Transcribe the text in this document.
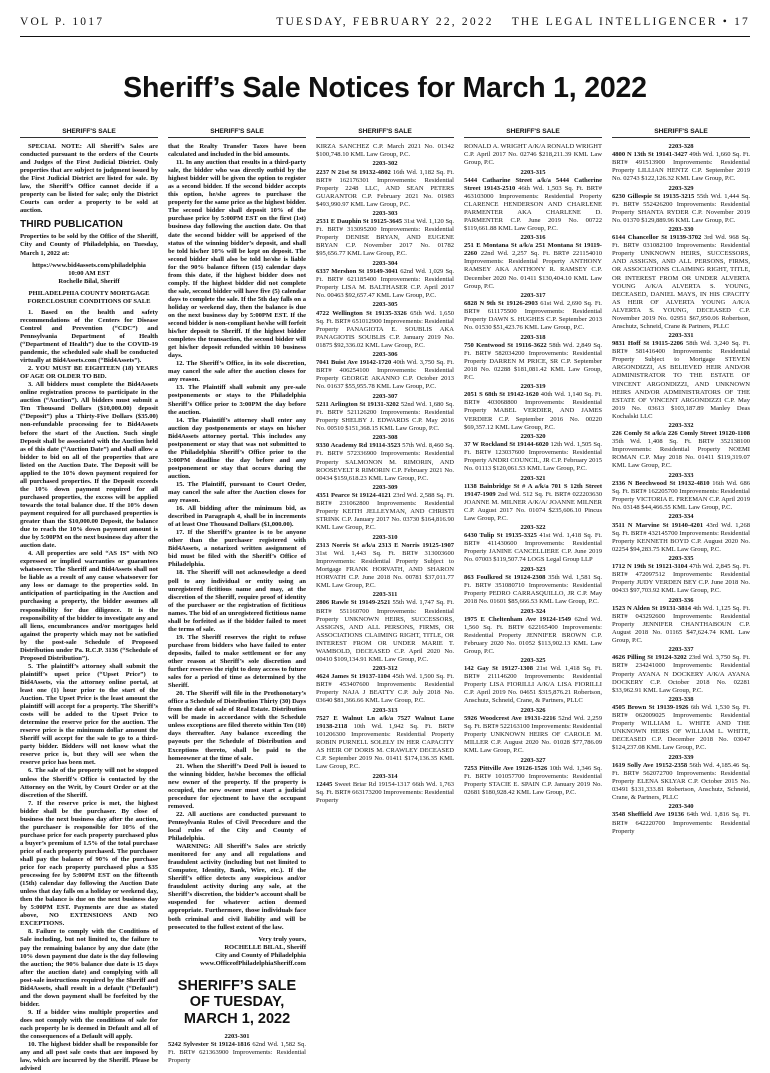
VOL P. 1017	TUESDAY, FEBRUARY 22, 2022	THE LEGAL INTELLIGENCER • 17
Sheriff’s Sale Notices for March 1, 2022
SHERIFF'S SALE	SHERIFF'S SALE	SHERIFF'S SALE	SHERIFF'S SALE	SHERIFF'S SALE

SPECIAL NOTE: All Sheriff’s Sales are conducted pursuant to the orders of the Courts and Judges of the First Judicial District. Only properties that are subject to judgment issued by the First Judicial District are listed for sale. By law, the Sheriff’s Office cannot decide if a property can be listed for sale; only the District Courts can order a property to be sold at auction.

THIRD PUBLICATION

Properties to be sold by the Office of the Sheriff, City and County of Philadelphia, on Tuesday, March 1, 2022 at:

https://www.bid4assets.com/philadelphia

10:00 AM EST

Rochelle Bilal, Sheriff

PHILADELPHIA COUNTY MORTGAGE FORECLOSURE CONDITIONS OF SALE

1. Based on the health and safety recommendations of the Centers for Disease Control and Prevention (“CDC”) and Pennsylvania Department of Health (“Department of Health”) due to the COVID-19 pandemic, the scheduled sale shall be conducted virtually at Bid4Assets.com (“Bid4Assets”).

2. YOU MUST BE EIGHTEEN (18) YEARS OF AGE OR OLDER TO BID.

3. All bidders must complete the Bid4Assets online registration process to participate in the auction (“Auction”). All bidders must submit a Ten Thousand Dollars ($10,000.00) deposit (“Deposit”) plus a Thirty-Five Dollars ($35.00) non-refundable processing fee to Bid4Assets before the start of the Auction. Such single Deposit shall be associated with the Auction held as of this date (“Auction Date”) and shall allow a bidder to bid on all of the properties that are listed on the Auction Date. The Deposit will be applied to the 10% down payment required for all purchased properties. If the Deposit exceeds the 10% down payment required for all purchased properties, the excess will be applied towards the total balance due. If the 10% down payment required for all purchased properties is greater than the $10,000.00 Deposit, the balance due to reach the 10% down payment amount is due by 5:00PM on the next business day after the auction date.

4. All properties are sold “AS IS” with NO expressed or implied warranties or guarantees whatsoever. The Sheriff and Bid4Assets shall not be liable as a result of any cause whatsoever for any loss or damage to the properties sold. In anticipation of participating in the Auction and purchasing a property, the bidder assumes all responsibility for due diligence. It is the responsibility of the bidder to investigate any and all liens, encumbrances and/or mortgages held against the property which may not be satisfied by the post-sale Schedule of Proposed Distribution under Pa. R.C.P. 3136 (“Schedule of Proposed Distribution”).

5. The plaintiff’s attorney shall submit the plaintiff’s upset price (“Upset Price”) to Bid4Assets, via the attorney online portal, at least one (1) hour prior to the start of the Auction. The Upset Price is the least amount the plaintiff will accept for a property. The Sheriff’s costs will be added to the Upset Price to determine the reserve price for the auction. The reserve price is the minimum dollar amount the Sheriff will accept for the sale to go to a third-party bidder. Bidders will not know what the reserve price is, but they will see when the reserve price has been met.

6. The sale of the property will not be stopped unless the Sheriff’s Office is contacted by the Attorney on the Writ, by Court Order or at the discretion of the Sheriff.

7. If the reserve price is met, the highest bidder shall be the purchaser. By close of business the next business day after the auction, the purchaser is responsible for 10% of the purchase price for each property purchased plus a buyer’s premium of 1.5% of the total purchase price of each property purchased. The purchaser shall pay the balance of 90% of the purchase price for each property purchased plus a $35 processing fee by 5:00PM EST on the fifteenth (15th) calendar day following the Auction Date unless that day falls on a holiday or weekend day, then the balance is due on the next business day by 5:00PM EST. Payments are due as stated above, NO EXTENSIONS AND NO EXCEPTIONS.

8. Failure to comply with the Conditions of Sale including, but not limited to, the failure to pay the remaining balance by any due date (the 10% down payment due date is the day following the auction; the 90% balance due date is 15 days after the auction date) and complying with all post-sale instructions required by the Sheriff and Bid4Assets, shall result in a default (“Default”) and the down payment shall be forfeited by the bidder.

9. If a bidder wins multiple properties and does not comply with the conditions of sale for each property he is deemed in Default and all of the consequences of a Default will apply.

10. The highest bidder shall be responsible for any and all post sale costs that are imposed by law, which are incurred by the Sheriff. Please be advised

that the Realty Transfer Taxes have been calculated and included in the bid amounts.

11. In any auction that results in a third-party sale, the bidder who was directly outbid by the highest bidder will be given the option to register as a second bidder. If the second bidder accepts this option, he/she agrees to purchase the property for the same price as the highest bidder. The second bidder shall deposit 10% of the purchase price by 5:00PM EST on the first (1st) business day following the auction date. On that date the second bidder will be apprised of the status of the winning bidder’s deposit, and shall be told his/her 10% will be kept on deposit. The second bidder shall also be told he/she is liable for the 90% balance fifteen (15) calendar days from this date, if the highest bidder does not comply. If the highest bidder did not complete the sale, second bidder will have five (5) calendar days to complete the sale. If the 5th day falls on a holiday or weekend day, then the balance is due on the next business day by 5:00PM EST. If the second bidder is non-compliant he/she will forfeit his/her deposit to Sheriff. If the highest bidder completes the transaction, the second bidder will get his/her deposit refunded within 10 business days.

12. The Sheriff’s Office, in its sole discretion, may cancel the sale after the auction closes for any reason.

13. The Plaintiff shall submit any pre-sale postponements or stays to the Philadelphia Sheriff’s Office prior to 3:00PM the day before the auction.

14. The Plaintiff’s attorney shall enter any auction day postponements or stays on his/her Bid4Assets attorney portal. This includes any postponement or stay that was not submitted to the Philadelphia Sheriff’s Office prior to the 3:00PM deadline the day before and any postponement or stay that occurs during the auction.

15. The Plaintiff, pursuant to Court Order, may cancel the sale after the Auction closes for any reason.

16. All bidding after the minimum bid, as described in Paragraph 4, shall be in increments of at least One Thousand Dollars ($1,000.00).

17. If the Sheriff’s grantee is to be anyone other than the purchaser registered with Bid4Assets, a notarized written assignment of bid must be filed with the Sheriff’s Office of Philadelphia.

18. The Sheriff will not acknowledge a deed poll to any individual or entity using an unregistered fictitious name and may, at the discretion of the Sheriff, require proof of identity of the purchaser or the registration of fictitious names. The bid of an unregistered fictitious name shall be forfeited as if the bidder failed to meet the terms of sale.

19. The Sheriff reserves the right to refuse purchase from bidders who have failed to enter deposits, failed to make settlement or for any other reason at Sheriff’s sole discretion and further reserves the right to deny access to future sales for a period of time as determined by the Sheriff.

20. The Sheriff will file in the Prothonotary’s office a Schedule of Distribution Thirty (30) Days from the date of sale of Real Estate. Distribution will be made in accordance with the Schedule unless exceptions are filed thereto within Ten (10) days thereafter. Any balance exceeding the payouts per the Schedule of Distribution and Exceptions thereto, shall be paid to the homeowner at the time of sale.

21. When the Sheriff’s Deed Poll is issued to the winning bidder, he/she becomes the official new owner of the property. If the property is occupied, the new owner must start a judicial procedure for ejectment to have the occupant removed.

22. All auctions are conducted pursuant to Pennsylvania Rules of Civil Procedure and the local rules of the City and County of Philadelphia.

WARNING: All Sheriff’s Sales are strictly monitored for any and all regulations and fraudulent activity (including but not limited to Computer, Identity, Bank, Wire, etc.). If the Sheriff’s office detects any suspicious and/or fraudulent activity during any sale, at the Sheriff’s discretion, the bidder’s account shall be suspended for whatever action deemed appropriate. Furthermore, those individuals face both criminal and civil liability and will be prosecuted to the fullest extent of the law.

Very truly yours,

ROCHELLE BILAL, Sheriff

City and County of Philadelphia

www.OfficeofPhiladelphiaSheriff.com

SHERIFF’S SALE
OF TUESDAY,
MARCH 1, 2022
2203-301

5242 Sylvester St 19124-1816 62nd Wd. 1,582 Sq. Ft. BRT# 621363900 Improvements: Residential Property

KIRZA SANCHEZ C.P. March 2021 No. 01342 $100,748.10 KML Law Group, P.C.

2203-302

2237 N 21st St 19132-4802 16th Wd. 1,182 Sq. Ft. BRT# 162176301 Improvements: Residential Property 2248 LLC, AND SEAN PETERS GUARANTOR C.P. February 2021 No. 01983 $493,990.97 KML Law Group, P.C.

2203-303

2531 E Dauphin St 19125-3645 31st Wd. 1,120 Sq. Ft. BRT# 313095200 Improvements: Residential Property DENISE BRYAN, AND EUGENE BRYAN C.P. November 2017 No. 01782 $95,656.77 KML Law Group, P.C.

2203-304

6337 Mershon St 19149-3041 62nd Wd. 1,029 Sq. Ft. BRT# 621185400 Improvements: Residential Property LISA M. BALTHASER C.P. April 2017 No. 00463 $92,657.47 KML Law Group, P.C.

2203-305

4722 Wellington St 19135-3326 65th Wd. 1,650 Sq. Ft. BRT# 651012900 Improvements: Residential Property PANAGIOTA E. SOUBLIS AKA PANAGIOTIS SOUBLIS C.P. January 2019 No. 01875 $92,336.02 KML Law Group, P.C.

2203-306

7041 Buist Ave 19142-1720 40th Wd. 3,750 Sq. Ft. BRT# 406254100 Improvements: Residential Property GEORGE AKANNO C.P. October 2013 No. 01637 $55,955.78 KML Law Group, P.C.

2203-307

5211 Arlington St 19131-3202 52nd Wd. 1,680 Sq. Ft. BRT# 521126200 Improvements: Residential Property SHELBY J. EDWARDS C.P. May 2016 No. 00510 $151,368.15 KML Law Group, P.C.

2203-308

9330 Academy Rd 19114-3523 57th Wd. 8,460 Sq. Ft. BRT# 572336900 Improvements: Residential Property SALMONON M. RIMORIN, AND ROOSEVELT R RIMORIN C.P. February 2021 No. 00434 $159,618.23 KML Law Group, P.C.

2203-309

4351 Pearce St 19124-4121 23rd Wd. 2,588 Sq. Ft. BRT# 231062800 Improvements: Residential Property KEITH JELLEYMAN, AND CHRISTI STRINK C.P. January 2017 No. 03730 $164,816.90 KML Law Group, P.C.

2203-310

2313 Norris St a/k/a 2313 E Norris 19125-1907 31st Wd. 1,443 Sq. Ft. BRT# 313003600 Improvements: Residential Property Subject to Mortgage FRANK HORVATH, AND SHARON HORVATH C.P. June 2018 No. 00781 $37,011.77 KML Law Group, P.C.

2203-311

2806 Rawle St 19149-2521 55th Wd. 1,747 Sq. Ft. BRT# 551160700 Improvements: Residential Property UNKNOWN HEIRS, SUCCESSORS, ASSIGNS, AND ALL PERSONS, FIRMS, OR ASSOCIATIONS CLAIMING RIGHT, TITLE, OR INTEREST FROM OR UNDER MARIE T. WAMBOLD, DECEASED C.P. April 2020 No. 00410 $109,134.91 KML Law Group, P.C.

2203-312

4624 James St 19137-1104 45th Wd. 1,500 Sq. Ft. BRT# 453407600 Improvements: Residential Property NAJA J BEATTY C.P. July 2018 No. 03640 $81,366.66 KML Law Group, P.C.

2203-313

7527 E Walnut Ln a/k/a 7527 Walnut Lane 19138-2118 10th Wd. 1,942 Sq. Ft. BRT# 101206300 Improvements: Residential Property ROBIN PURNELL SOLELY IN HER CAPACITY AS HEIR OF DORIS M. CRAWLEY DECEASED C.P. September 2019 No. 01411 $174,136.35 KML Law Group, P.C.

2203-314

12445 Sweet Briar Rd 19154-1317 66th Wd. 1,763 Sq. Ft. BRT# 663173200 Improvements: Residential Property

RONALD A. WRIGHT A/K/A RONALD WRIGHT C.P. April 2017 No. 02746 $218,211.39 KML Law Group, P.C.

2203-315

5444 Catharine Street a/k/a 5444 Catherine Street 19143-2510 46th Wd. 1,503 Sq. Ft. BRT# 463103000 Improvements: Residential Property CLARENCE HENDERSON AND CHARLENE PARMENTER AKA CHARLENE D. PARMENTER C.P. June 2019 No. 00722 $119,661.88 KML Law Group, P.C.

2203-316

251 E Montana St a/k/a 251 Montana St 19119-2260 22nd Wd. 2,257 Sq. Ft. BRT# 221154010 Improvements: Residential Property ANTHONY RAMSEY AKA ANTHONY R. RAMSEY C.P. December 2020 No. 01411 $130,404.10 KML Law Group, P.C.

2203-317

6828 N 9th St 19126-2903 61st Wd. 2,690 Sq. Ft. BRT# 611175500 Improvements: Residential Property DAWN S. HUGHES C.P. September 2013 No. 01530 $51,423.76 KML Law Group, P.C.

2203-318

750 Kentwood St 19116-3622 58th Wd. 2,849 Sq. Ft. BRT# 582034200 Improvements: Residential Property DARREN M PRICE, SR C.P. September 2018 No. 02288 $181,081.42 KML Law Group, P.C.

2203-319

2051 S 68th St 19142-1620 40th Wd. 1,140 Sq. Ft. BRT# 403068800 Improvements: Residential Property MABEL VERDIER, AND JAMES VERDIER C.P. September 2016 No. 00220 $69,357.12 KML Law Group, P.C.

2203-320

37 W Rockland St 19144-6020 12th Wd. 1,505 Sq. Ft. BRT# 123037600 Improvements: Residential Property ANDRI COUNCIL, JR C.P. February 2015 No. 01113 $120,061.53 KML Law Group, P.C.

2203-321

1138 Bainbridge St # A a/k/a 701 S 12th Street 19147-1909 2nd Wd. 512 Sq. Ft. BRT# 022203630 JOANNE M. MILNER A/K/A/ JOANNE MILNER C.P. August 2017 No. 01074 $235,606.10 Pincus Law Group, P.C.

2203-322

6430 Tulip St 19135-3325 41st Wd. 1,418 Sq. Ft. BRT# 411430600 Improvements: Residential Property JANINE CANCELLIERE C.P. June 2019 No. 07003 $119,507.74 LOGS Legal Group LLP

2203-323

863 Foulkrod St 19124-2308 35th Wd. 1,581 Sq. Ft. BRT# 351080710 Improvements: Residential Property PEDRO CARRASQUILLO, JR C.P. May 2018 No. 01601 $85,666.53 KML Law Group, P.C.

2203-324

1975 E Cheltenham Ave 19124-1549 62nd Wd. 1,560 Sq. Ft. BRT# 622165400 Improvements: Residential Property JENNIFER BROWN C.P. February 2020 No. 01052 $113,902.13 KML Law Group, P.C.

2203-325

142 Gay St 19127-1308 21st Wd. 1,418 Sq. Ft. BRT# 211146200 Improvements: Residential Property LISA FIORILLI A/K/A LISA FIORILLI C.P. April 2019 No. 04651 $315,876.21 Robertson, Anschutz, Schneid, Crane, & Partners, PLLC

2203-326

5926 Woodcrest Ave 19131-2216 52nd Wd. 2,259 Sq. Ft. BRT# 522163100 Improvements: Residential Property UNKNOWN HEIRS OF CAROLE M. MILLER C.P. August 2020 No. 01028 $77,786.09 KML Law Group, P.C.

2203-327

7253 Pittville Ave 19126-1526 10th Wd. 1,346 Sq. Ft. BRT# 101057700 Improvements: Residential Property STACIE E. SPAIN C.P. January 2019 No. 02681 $180,928.42 KML Law Group, P.C.

2203-328

4800 N 13th St 19141-3427 49th Wd. 1,660 Sq. Ft. BRT# 491513900 Improvements: Residential Property LILLIAN HENTZ C.P. September 2019 No. 02743 $122,126.32 KML Law Group, P.C.

2203-329

6230 Gillespie St 19135-3215 55th Wd. 1,444 Sq. Ft. BRT# 552426200 Improvements: Residential Property SHANTA RYDER C.P. November 2019 No. 01370 $129,889.96 KML Law Group, P.C.

2203-330

6144 Chancellor St 19139-3702 3rd Wd. 968 Sq. Ft. BRT# 031082100 Improvements: Residential Property UNKNOWN HEIRS, SUCCESSORS, AND ASSIGNS, AND ALL PERSONS, FIRMS, OR ASSOCIATIONS CLAIMING RIGHT, TITLE, OR INTEREST FROM OR UNDER ALVERTA YOUNG A/K/A ALVERTA S. YOUNG, DECEASED, DANIEL MAYS, IN HIS CPACITY AS HEIR OF ALVERTA YOUNG A/K/A ALVERTA S. YOUNG, DECEASED C.P. November 2019 No. 02951 $67,950.06 Robertson, Anschutz, Schneid, Crane & Partners, PLLC

2203-331

9831 Hoff St 19115-2206 58th Wd. 3,240 Sq. Ft. BRT# 581416400 Improvements: Residential Property Subject to Mortgage STEVEN ARGONDIZZI, AS BELIEVED HEIR AND/OR ADMINISTRATOR TO THE ESTATE OF VINCENT ARGONDIZZI, AND UNKNOWN HEIRS AND/OR ADMINISTRATORS OF THE ESTATE OF VINCENT ARGONDIZZI C.P. May 2019 No. 03613 $103,187.89 Manley Deas Kochalski LLC

2203-332

226 Comly St a/k/a 226 Comly Street 19120-1108 35th Wd. 1,408 Sq. Ft. BRT# 352138100 Improvements: Residential Property NOEMI ROMAN C.P. May 2018 No. 01411 $119,319.07 KML Law Group, P.C.

2203-333

2336 N Beechwood St 19132-4810 16th Wd. 686 Sq. Ft. BRT# 162205700 Improvements: Residential Property VICTORIA E. FREEMAN C.P. April 2019 No. 03148 $44,466.55 KML Law Group, P.C.

2203-334

3511 N Marvine St 19140-4201 43rd Wd. 1,268 Sq. Ft. BRT# 432145700 Improvements: Residential Property KENNETH BOYD C.P. August 2020 No. 02254 $94,283.75 KML Law Group, P.C.

2203-335

1712 N 19th St 19121-3104 47th Wd. 2,845 Sq. Ft. BRT# 472097512 Improvements: Residential Property JUDY VERDEN BEY C.P. June 2018 No. 00433 $97,703.92 KML Law Group, P.C.

2203-336

1523 N Alden St 19131-3814 4th Wd. 1,125 Sq. Ft. BRT# 043292600 Improvements: Residential Property JENNIFER CHANTHABOUN C.P. August 2018 No. 01165 $47,624.74 KML Law Group, P.C.

2203-337

4626 Pilling St 19124-3202 23rd Wd. 3,750 Sq. Ft. BRT# 234241000 Improvements: Residential Property AYANA N DOCKERY A/K/A AYANA DOCKERY C.P. October 2018 No. 02281 $33,962.91 KML Law Group, P.C.

2203-338

4505 Brown St 19139-1926 6th Wd. 1,530 Sq. Ft. BRT# 062009025 Improvements: Residential Property WILLIAM L. WHITE AND THE UNKNOWN HEIRS OF WILLIAM L. WHITE, DECEASED C.P. December 2018 No. 03047 $124,237.08 KML Law Group, P.C.

2203-339

1619 Solly Ave 19152-2358 56th Wd. 4,185.46 Sq. Ft. BRT# 562072700 Improvements: Residential Property ELENA SKLYAR C.P. October 2015 No. 03491 $131,333.81 Robertson, Anschutz, Schneid, Crane, & Partners, PLLC

2203-340

3548 Sheffield Ave 19136 64th Wd. 1,816 Sq. Ft. BRT# 642220700 Improvements: Residential Property
